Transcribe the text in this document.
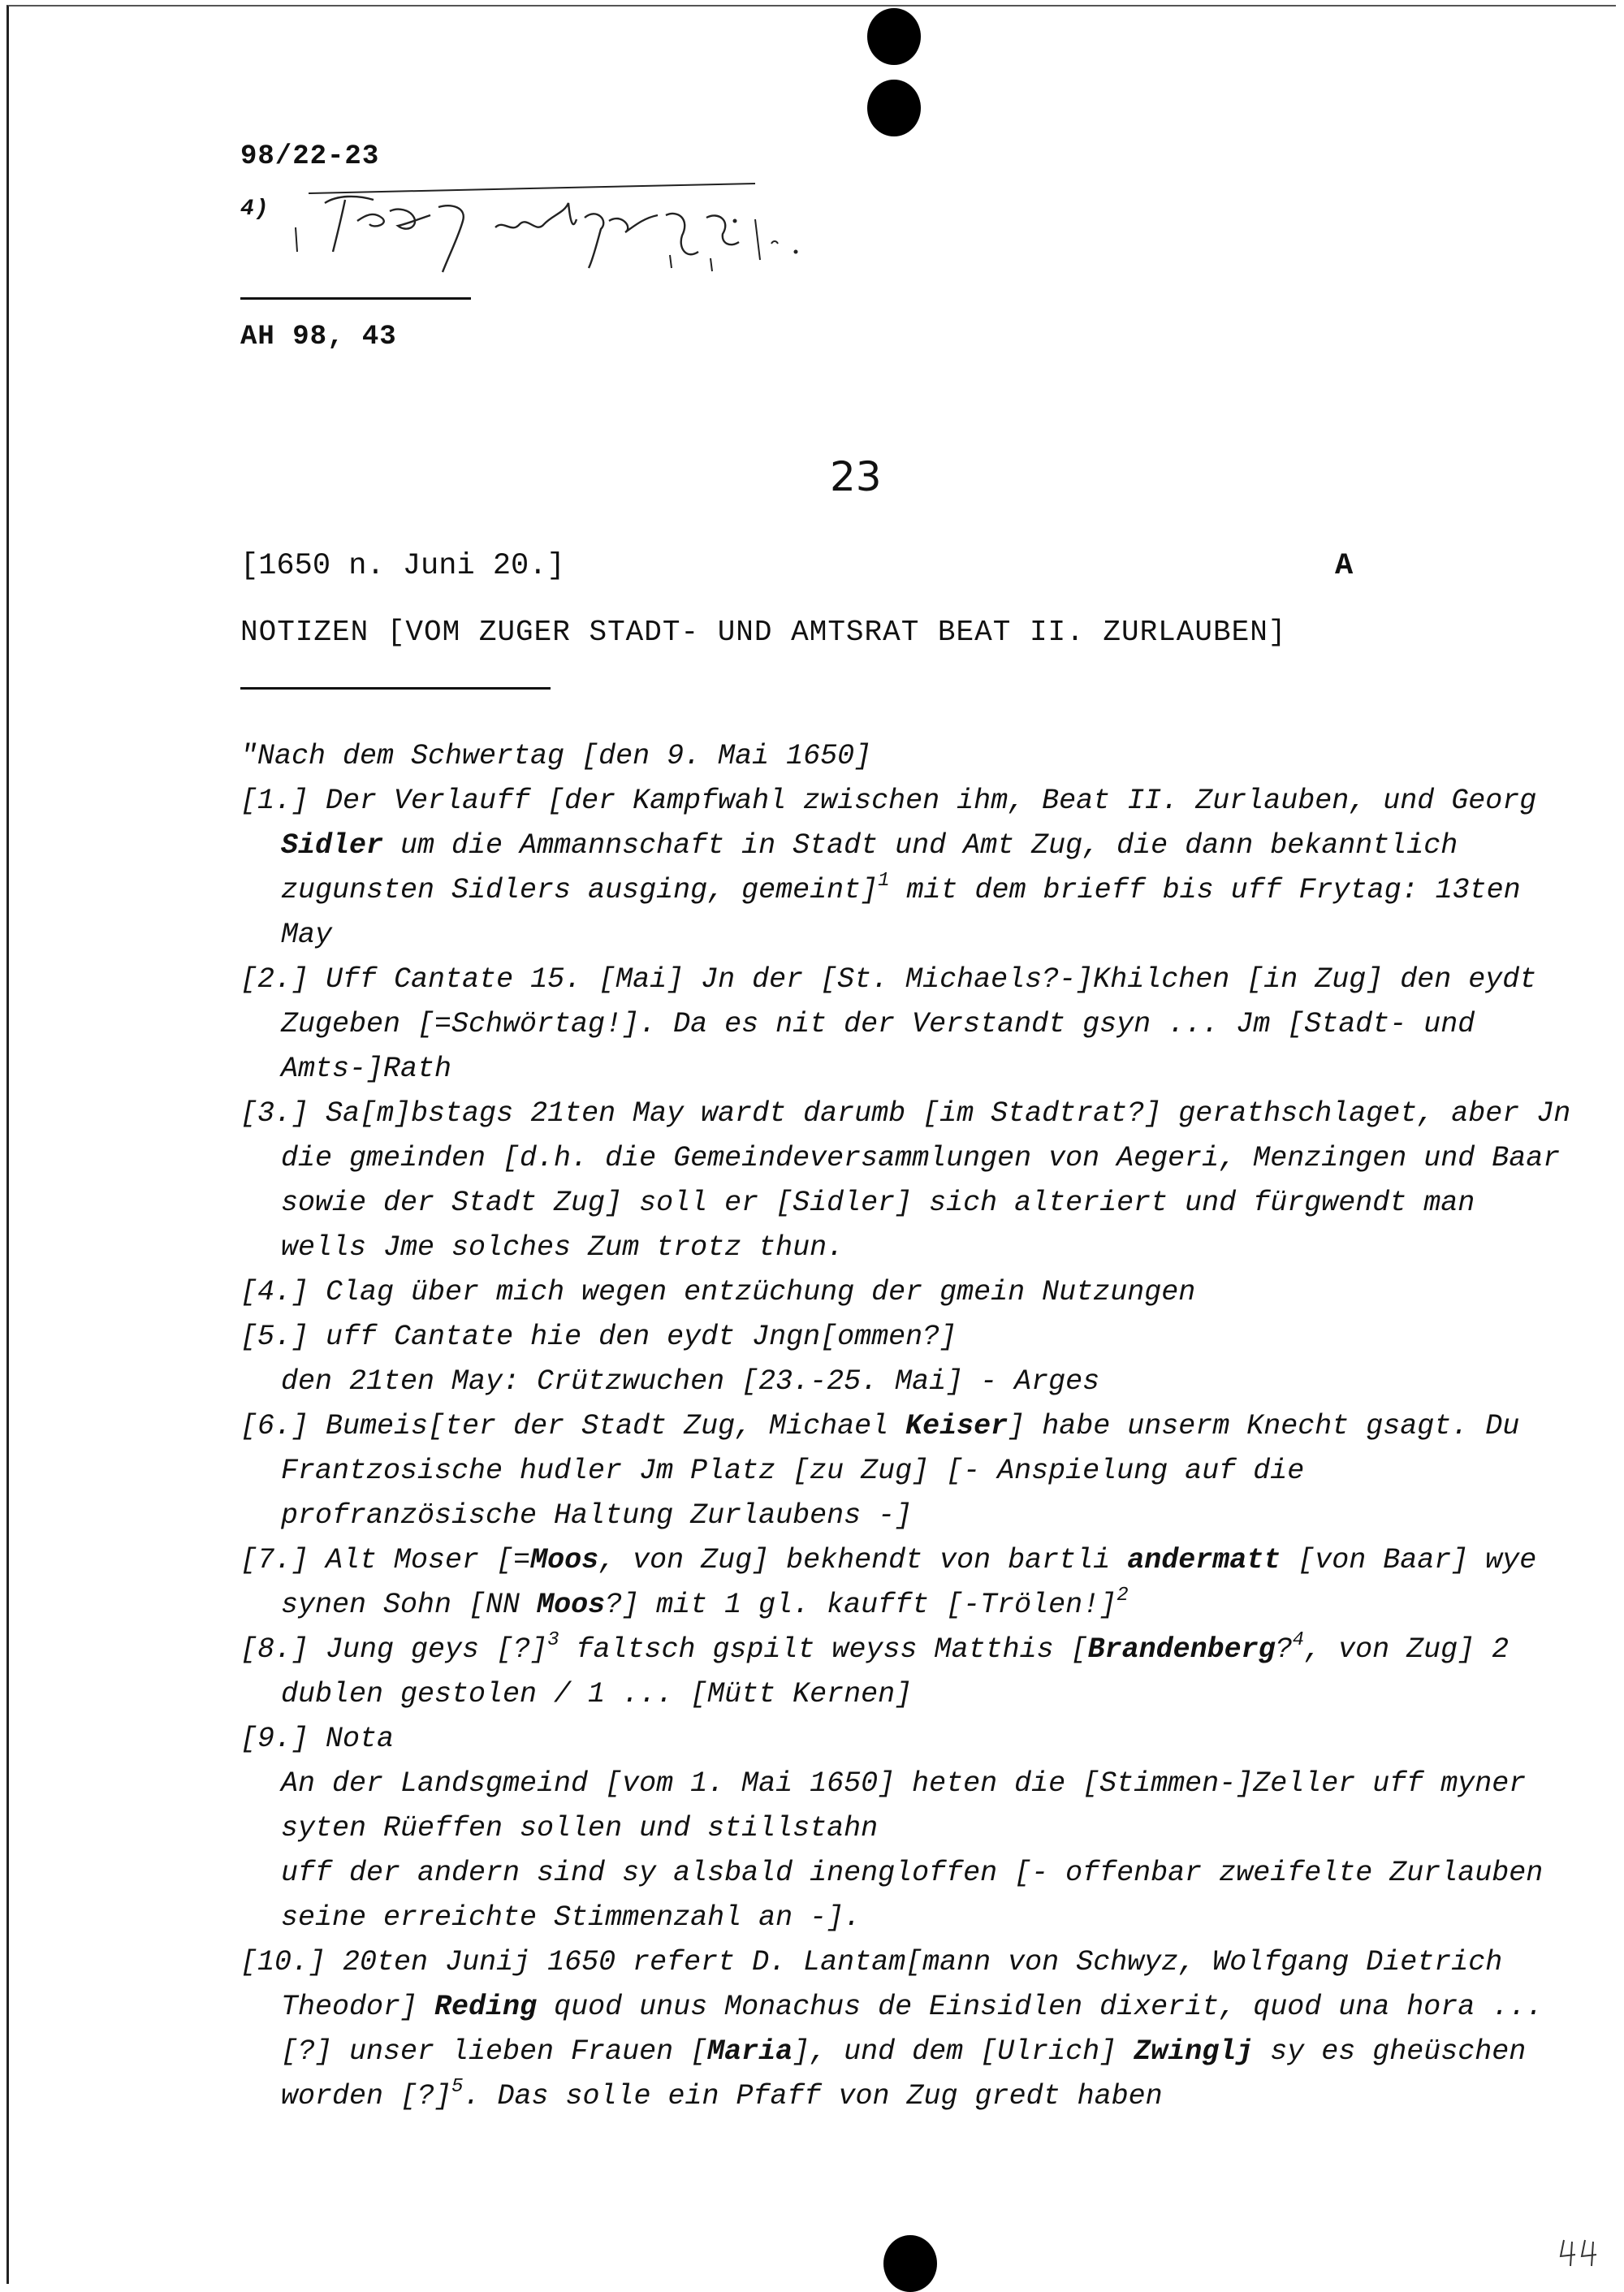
98/22-23
4)
AH 98, 43
23
[1650 n. Juni 20.]	A
NOTIZEN [VOM ZUGER STADT- UND AMTSRAT BEAT II. ZURLAUBEN]

"Nach dem Schwertag [den 9. Mai 1650]

[1.] Der Verlauff [der Kampfwahl zwischen ihm, Beat II. Zurlauben, und Georg Sidler um die Ammannschaft in Stadt und Amt Zug, die dann bekanntlich zugunsten Sidlers ausging, gemeint]$^1$ mit dem brieff bis uff Frytag: 13ten May

[2.] Uff Cantate 15. [Mai] Jn der [St. Michaels?-]Khilchen [in Zug] den eydt Zugeben [=Schwörtag!]. Da es nit der Verstandt gsyn ... Jm [Stadt- und Amts-]Rath

[3.] Sa[m]bstags 21ten May wardt darumb [im Stadtrat?] gerathschlaget, aber Jn die gmeinden [d.h. die Gemeindeversammlungen von Aegeri, Menzingen und Baar sowie der Stadt Zug] soll er [Sidler] sich alteriert und fürgwendt man wells Jme solches Zum trotz thun.

[4.] Clag über mich wegen entzüchung der gmein Nutzungen

[5.] uff Cantate hie den eydt Jngn[ommen?]
den 21ten May: Crützwuchen [23.-25. Mai] - Arges

[6.] Bumeis[ter der Stadt Zug, Michael Keiser] habe unserm Knecht gsagt. Du Frantzosische hudler Jm Platz [zu Zug] [- Anspielung auf die profranzösische Haltung Zurlaubens -]

[7.] Alt Moser [=Moos, von Zug] bekhendt von bartli andermatt [von Baar] wye synen Sohn [NN Moos?] mit 1 gl. kaufft [-Trölen!]$^2$

[8.] Jung geys [?]$^3$ faltsch gspilt weyss Matthis [Brandenberg?$^4$, von Zug] 2 dublen gestolen / 1 ... [Mütt Kernen]

[9.] Nota
An der Landsgmeind [vom 1. Mai 1650] heten die [Stimmen-]Zeller uff myner syten Rüeffen sollen und stillstahn
uff der andern sind sy alsbald inengloffen [- offenbar zweifelte Zurlauben seine erreichte Stimmenzahl an -].

[10.] 20ten Junij 1650 refert D. Lantam[mann von Schwyz, Wolfgang Dietrich Theodor] Reding quod unus Monachus de Einsidlen dixerit, quod una hora ... [?] unser lieben Frauen [Maria], und dem [Ulrich] Zwinglj sy es gheüschen worden [?]$^5$. Das solle ein Pfaff von Zug gredt haben
